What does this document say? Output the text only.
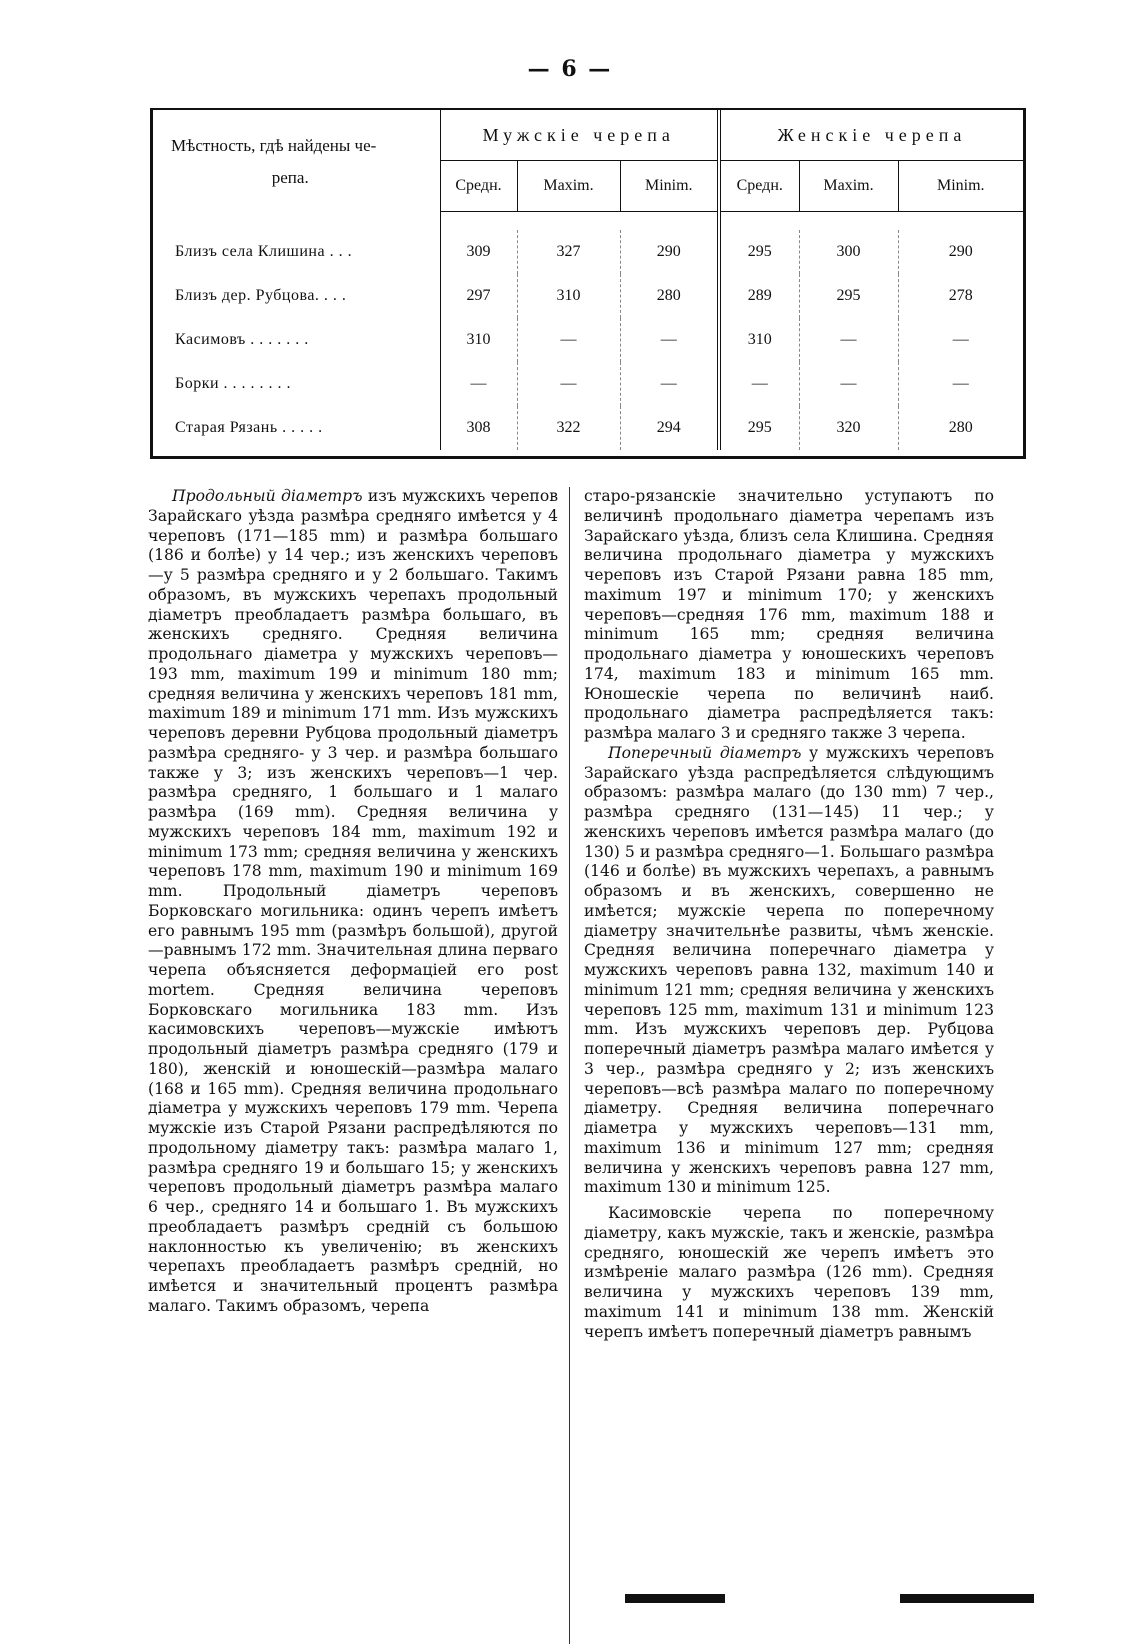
— 6 —
Мѣстность, гдѣ найдены че-
репа.	Мужскіе черепа			Женскіе черепа		
	Средн.	Maxim.	Minim.	Средн.	Maxim.	Minim.

Близъ села Клишина . . .	309	327	290	295	300	290
Близъ дер. Рубцова. . . .	297	310	280	289	295	278
Касимовъ . . . . . . .	310	—	—	310	—	—
Борки . . . . . . . .	—	—	—	—	—	—
Старая Рязань . . . . .	308	322	294	295	320	280

Продольный діаметръ изъ мужскихъ черепов Зарайскаго уѣзда размѣра средняго имѣется у 4 череповъ (171—185 mm) и размѣра большаго (186 и болѣе) у 14 чер.; изъ женскихъ череповъ—у 5 размѣра средняго и у 2 большаго. Такимъ образомъ, въ мужскихъ черепахъ продольный діаметръ преобладаетъ размѣра большаго, въ женскихъ средняго. Средняя величина продольнаго діаметра у мужскихъ череповъ—193 mm, maximum 199 и minimum 180 mm; средняя величина у женскихъ череповъ 181 mm, maximum 189 и minimum 171 mm. Изъ мужскихъ череповъ деревни Рубцова продольный діаметръ размѣра средняго- у 3 чер. и размѣра большаго также у 3; изъ женскихъ череповъ—1 чер. размѣра средняго, 1 большаго и 1 малаго размѣра (169 mm). Средняя величина у мужскихъ череповъ 184 mm, maximum 192 и minimum 173 mm; средняя величина у женскихъ череповъ 178 mm, maximum 190 и minimum 169 mm. Продольный діаметръ череповъ Борковскаго могильника: одинъ черепъ имѣетъ его равнымъ 195 mm (размѣръ большой), другой—равнымъ 172 mm. Значительная длина перваго черепа объясняется деформаціей его post mortem. Средняя величина череповъ Борковскаго могильника 183 mm. Изъ касимовскихъ череповъ—мужскіе имѣютъ продольный діаметръ размѣра средняго (179 и 180), женскій и юношескій—размѣра малаго (168 и 165 mm). Средняя величина продольнаго діаметра у мужскихъ череповъ 179 mm. Черепа мужскіе изъ Старой Рязани распредѣляются по продольному діаметру такъ: размѣра малаго 1, размѣра средняго 19 и большаго 15; у женскихъ череповъ продольный діаметръ размѣра малаго 6 чер., средняго 14 и большаго 1. Въ мужскихъ преобладаетъ размѣръ средній съ большою наклонностью къ увеличенію; въ женскихъ черепахъ преобладаетъ размѣръ средній, но имѣется и значительный процентъ размѣра малаго. Такимъ образомъ, черепа

старо-рязанскіе значительно уступаютъ по величинѣ продольнаго діаметра черепамъ изъ Зарайскаго уѣзда, близъ села Клишина. Средняя величина продольнаго діаметра у мужскихъ череповъ изъ Старой Рязани равна 185 mm, maximum 197 и minimum 170; у женскихъ череповъ—средняя 176 mm, maximum 188 и minimum 165 mm; средняя величина продольнаго діаметра у юношескихъ череповъ 174, maximum 183 и minimum 165 mm. Юношескіе черепа по величинѣ наиб. продольнаго діаметра распредѣляется такъ: размѣра малаго 3 и средняго также 3 черепа.

Поперечный діаметръ у мужскихъ череповъ Зарайскаго уѣзда распредѣляется слѣдующимъ образомъ: размѣра малаго (до 130 mm) 7 чер., размѣра средняго (131—145) 11 чер.; у женскихъ череповъ имѣется размѣра малаго (до 130) 5 и размѣра средняго—1. Большаго размѣра (146 и болѣе) въ мужскихъ черепахъ, а равнымъ образомъ и въ женскихъ, совершенно не имѣется; мужскіе черепа по поперечному діаметру значительнѣе развиты, чѣмъ женскіе. Средняя величина поперечнаго діаметра у мужскихъ череповъ равна 132, maximum 140 и minimum 121 mm; средняя величина у женскихъ череповъ 125 mm, maximum 131 и minimum 123 mm. Изъ мужскихъ череповъ дер. Рубцова поперечный діаметръ размѣра малаго имѣется у 3 чер., размѣра средняго у 2; изъ женскихъ череповъ—всѣ размѣра малаго по поперечному діаметру. Средняя величина поперечнаго діаметра у мужскихъ череповъ—131 mm, maximum 136 и minimum 127 mm; средняя величина у женскихъ череповъ равна 127 mm, maximum 130 и minimum 125.

Касимовскіе черепа по поперечному діаметру, какъ мужскіе, такъ и женскіе, размѣра средняго, юношескій же черепъ имѣетъ это измѣреніе малаго размѣра (126 mm). Средняя величина у мужскихъ череповъ 139 mm, maximum 141 и minimum 138 mm. Женскій черепъ имѣетъ поперечный діаметръ равнымъ
